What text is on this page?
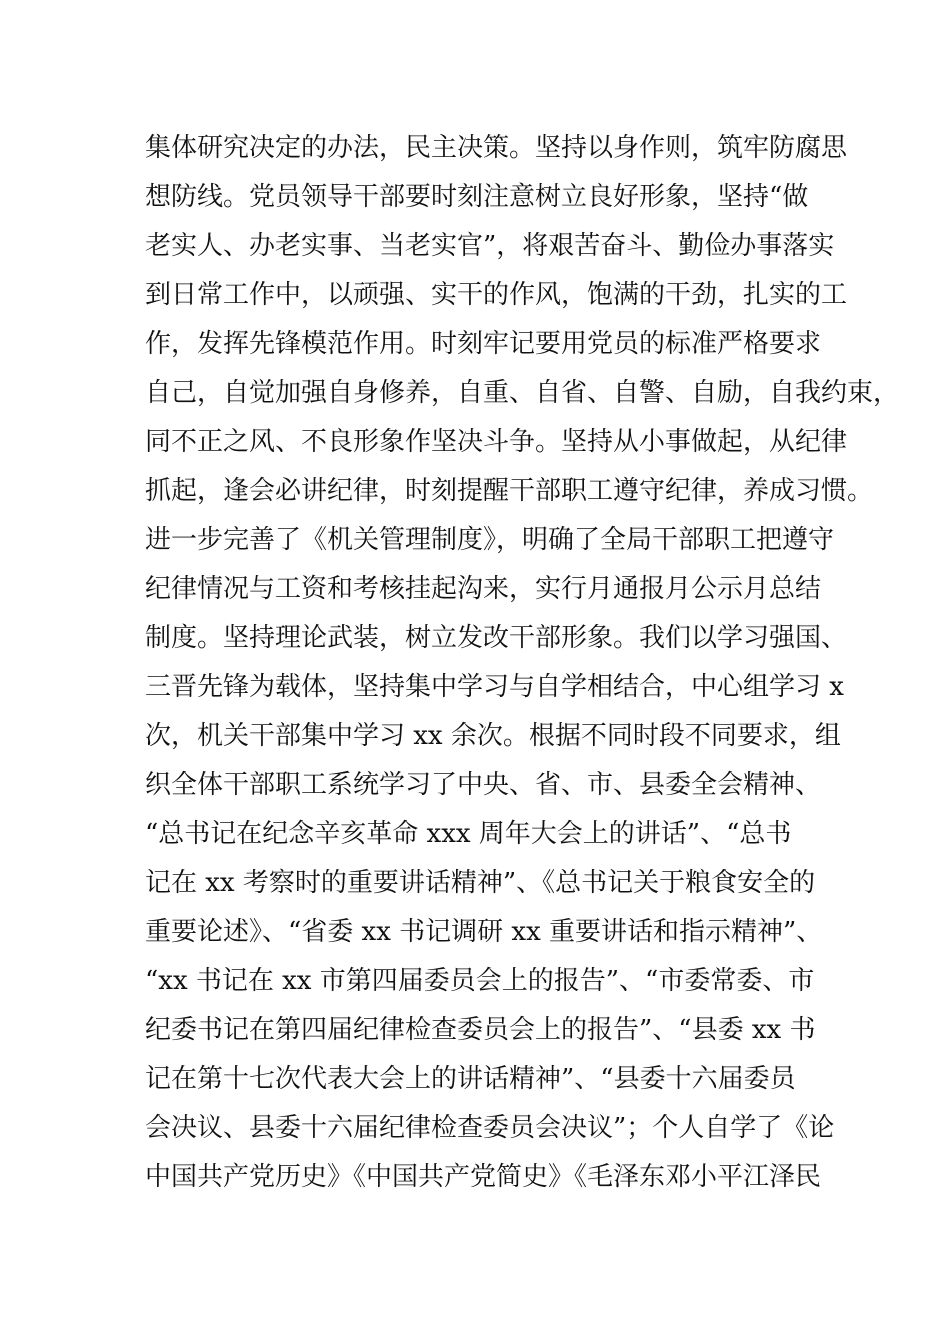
集体研究决定的办法，民主决策。坚持以身作则，筑牢防腐思
想防线。党员领导干部要时刻注意树立良好形象，坚持“做
老实人、办老实事、当老实官”，将艰苦奋斗、勤俭办事落实
到日常工作中，以顽强、实干的作风，饱满的干劲，扎实的工
作，发挥先锋模范作用。时刻牢记要用党员的标准严格要求
自己，自觉加强自身修养，自重、自省、自警、自励，自我约束，
同不正之风、不良形象作坚决斗争。坚持从小事做起，从纪律
抓起，逢会必讲纪律，时刻提醒干部职工遵守纪律，养成习惯。
进一步完善了《机关管理制度》，明确了全局干部职工把遵守
纪律情况与工资和考核挂起沟来，实行月通报月公示月总结
制度。坚持理论武装，树立发改干部形象。我们以学习强国、
三晋先锋为载体，坚持集中学习与自学相结合，中心组学习 x
次，机关干部集中学习 xx 余次。根据不同时段不同要求，组
织全体干部职工系统学习了中央、省、市、县委全会精神、
“总书记在纪念辛亥革命 xxx 周年大会上的讲话”、“总书
记在 xx 考察时的重要讲话精神”、《总书记关于粮食安全的
重要论述》、“省委 xx 书记调研 xx 重要讲话和指示精神”、
“xx 书记在 xx 市第四届委员会上的报告”、“市委常委、市
纪委书记在第四届纪律检查委员会上的报告”、“县委 xx 书
记在第十七次代表大会上的讲话精神”、“县委十六届委员
会决议、县委十六届纪律检查委员会决议”；个人自学了《论
中国共产党历史》《中国共产党简史》《毛泽东邓小平江泽民
